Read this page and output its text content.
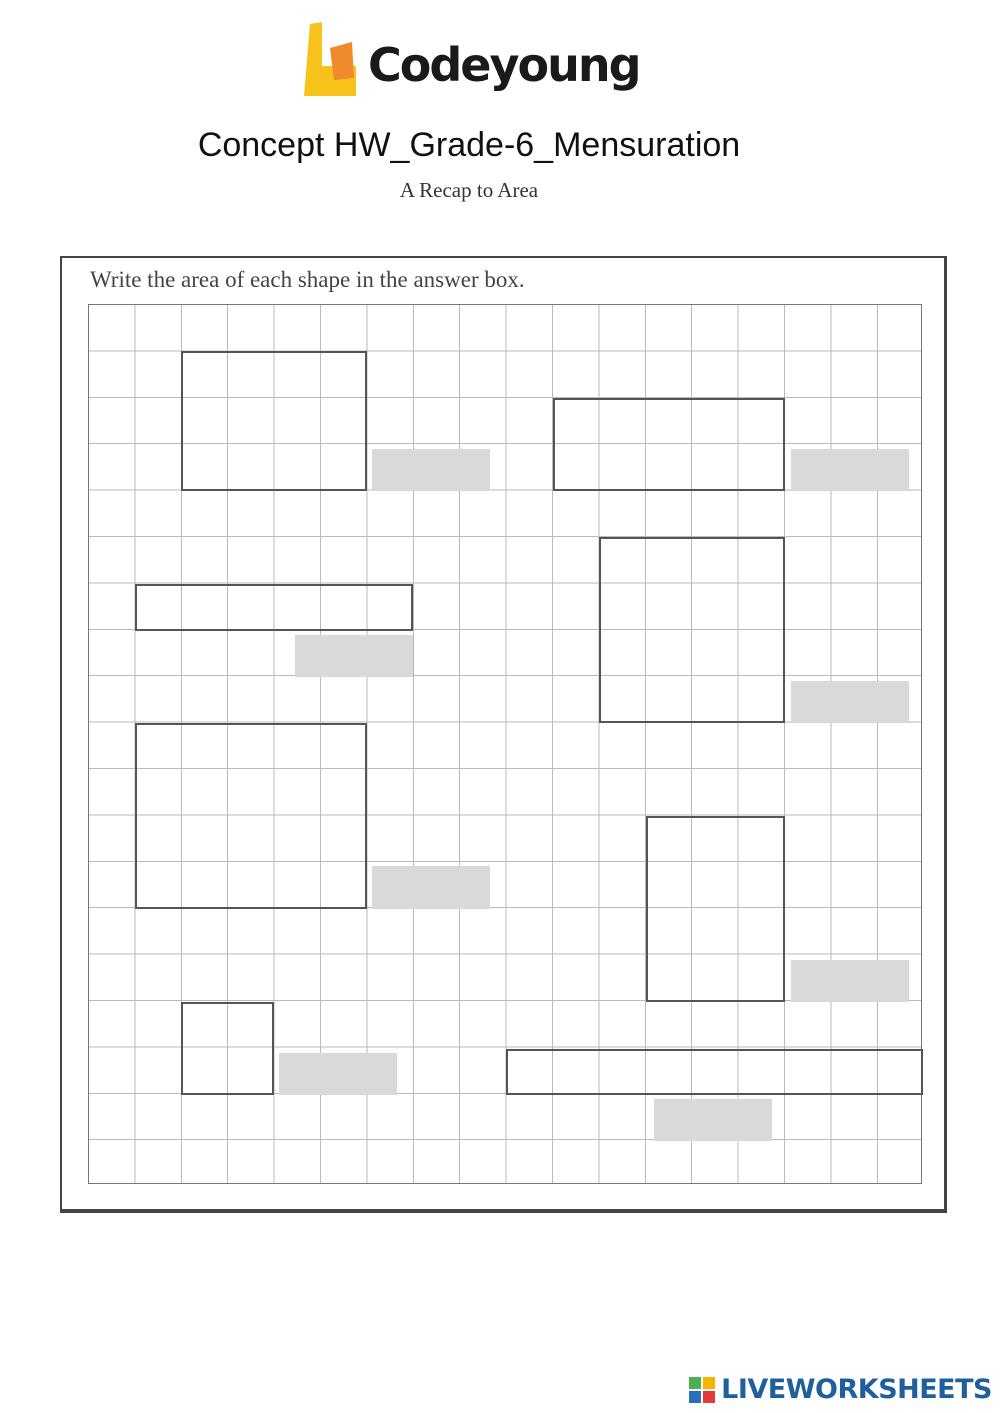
Codeyoung
Concept HW_Grade-6_Mensuration
A Recap to Area
Write the area of each shape in the answer box.
LIVEWORKSHEETS
